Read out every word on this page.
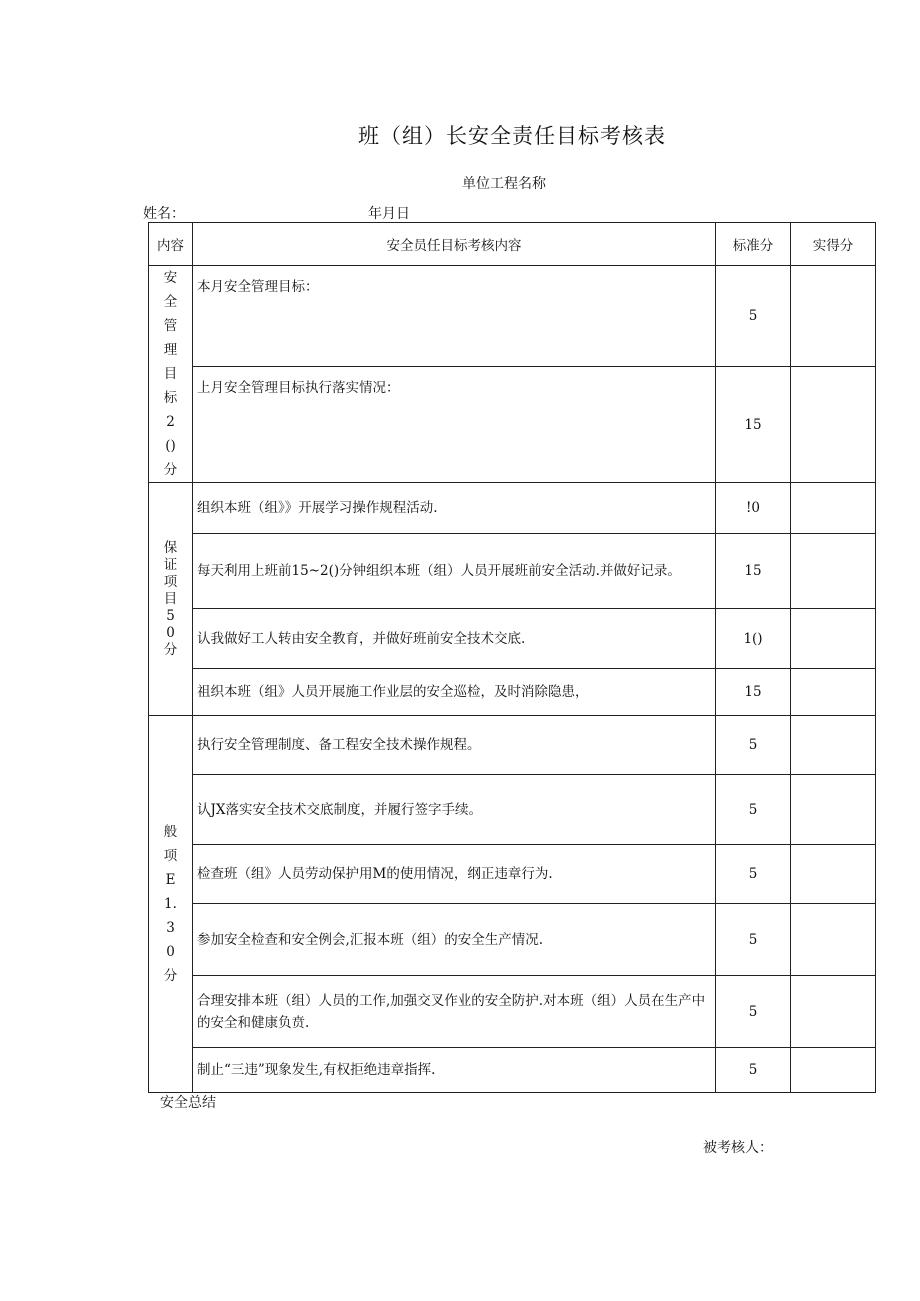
班（组）长安全责任目标考核表
单位工程名称
姓名：	年月日
内容	安全员任目标考核内容	标准分	实得分
安全管理目标2()分	本月安全管理目标：	5	
	上月安全管理目标执行落实情况：	15	
保证项目50分	组织本班（组》》开展学习操作规程活动.	!0	
	每天利用上班前15~2()分钟组织本班（组）人员开展班前安全活动.并做好记录。	15	
	认我做好工人转由安全教育，并做好班前安全技术交底.	1()	
	祖织本班（组》人员开展施工作业层的安全巡检，及时消除隐患，	15	
般项E1.30分	执行安全管理制度、备工程安全技术操作规程。	5	
	认JX落实安全技术交底制度，并履行签字手续。	5	
	检查班（组》人员劳动保护用M的使用情况，纲正违章行为.	5	
	参加安全检查和安全例会,汇报本班（组）的安全生产情况.	5	
	合理安排本班（组）人员的工作,加强交叉作业的安全防护.对本班（组）人员在生产中的安全和健康负贲.	5	
	制止“三违”现象发生,有权拒绝违章指挥.	5	
安全总结
被考核人：
